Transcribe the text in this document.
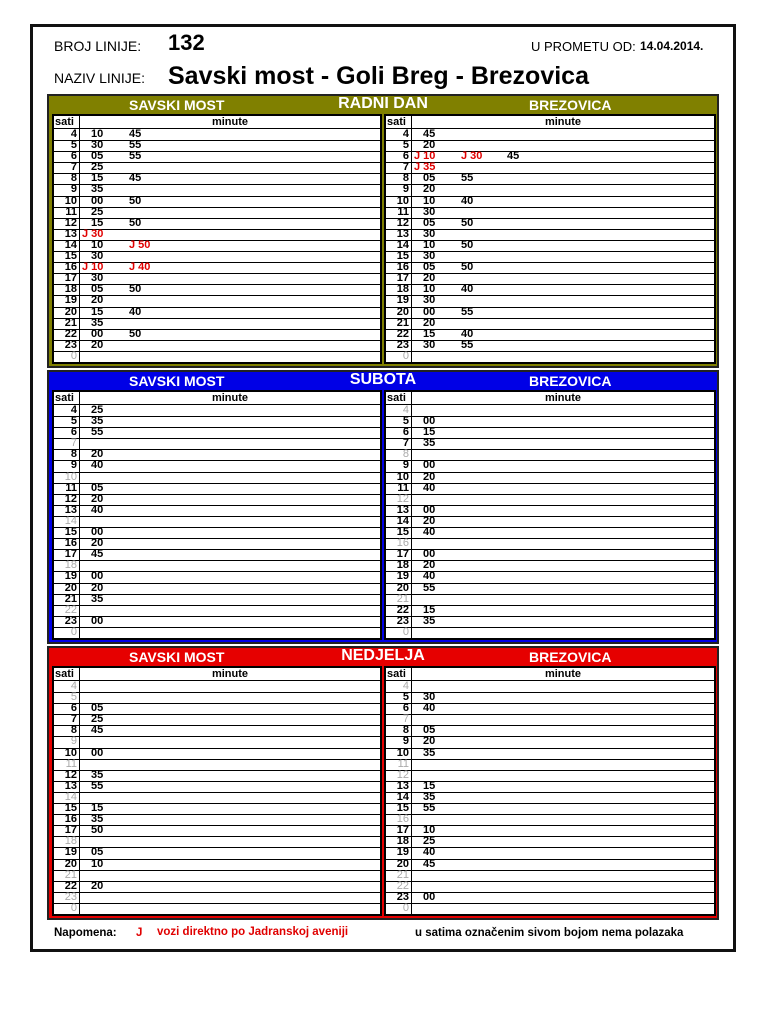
BROJ LINIJE: 132	U PROMETU OD: 14.04.2014.
NAZIV LINIJE: Savski most - Goli Breg - Brezovica
RADNI DAN
SAVSKI MOST	BREZOVICA
sati	minute
4 10 45
5 30 55
6 05 55
7 25
8 15 45
9 35
10 00 50
11 25
12 15 50
13 J 30
14 10 J 50
15 30
16 J 10 J 40
17 30
18 05 50
19 20
20 15 40
21 35
22 00 50
23 20
0
sati	minute
4 45
5 20
6 J 10 J 30 45
7 J 35
8 05 55
9 20
10 10 40
11 30
12 05 50
13 30
14 10 50
15 30
16 05 50
17 20
18 10 40
19 30
20 00 55
21 20
22 15 40
23 30 55
0
SUBOTA
SAVSKI MOST	BREZOVICA
sati	minute
4 25
5 35
6 55
7
8 20
9 40
10
11 05
12 20
13 40
14
15 00
16 20
17 45
18
19 00
20 20
21 35
22
23 00
0
sati	minute
4
5 00
6 15
7 35
8
9 00
10 20
11 40
12
13 00
14 20
15 40
16
17 00
18 20
19 40
20 55
21
22 15
23 35
0
NEDJELJA
SAVSKI MOST	BREZOVICA
sati	minute
4
5
6 05
7 25
8 45
9
10 00
11
12 35
13 55
14
15 15
16 35
17 50
18
19 05
20 10
21
22 20
23
0
sati	minute
4
5 30
6 40
7
8 05
9 20
10 35
11
12
13 15
14 35
15 55
16
17 10
18 25
19 40
20 45
21
22
23 00
0
Napomena: J vozi direktno po Jadranskoj aveniji	u satima označenim sivom bojom nema polazaka
